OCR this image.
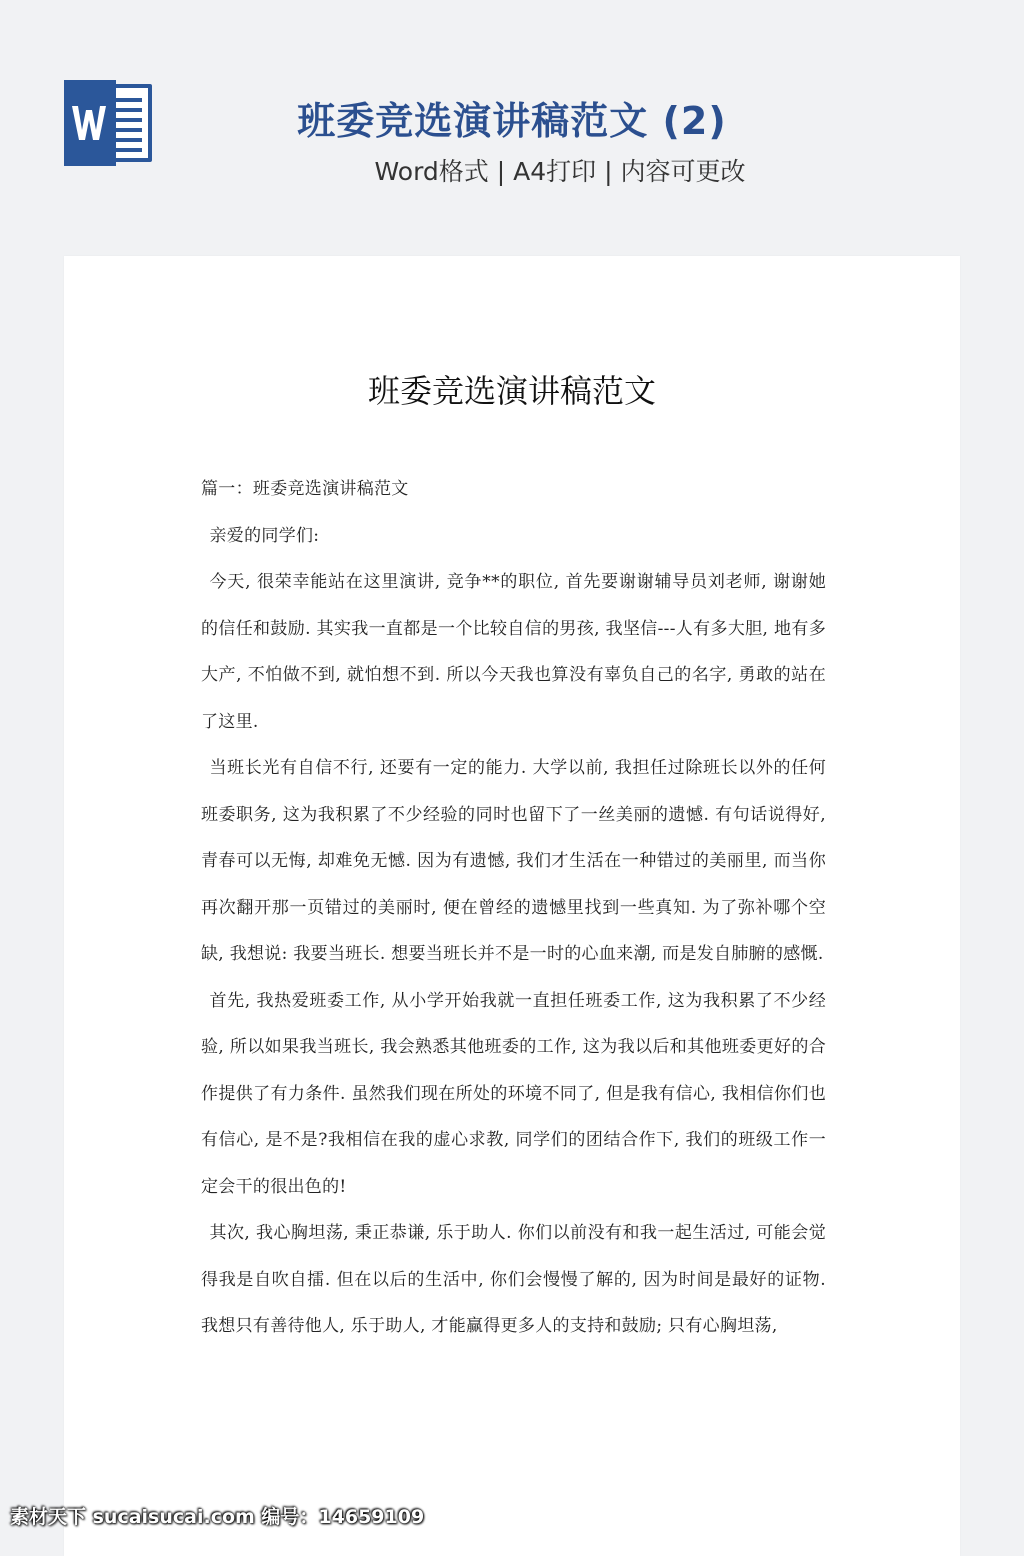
班委竞选演讲稿范文 (2)
Word格式 | A4打印 | 内容可更改
班委竞选演讲稿范文

篇一：班委竞选演讲稿范文

亲爱的同学们:

今天, 很荣幸能站在这里演讲, 竞争**的职位, 首先要谢谢辅导员刘老师, 谢谢她的信任和鼓励. 其实我一直都是一个比较自信的男孩, 我坚信---人有多大胆, 地有多大产, 不怕做不到, 就怕想不到. 所以今天我也算没有辜负自己的名字, 勇敢的站在了这里.

当班长光有自信不行, 还要有一定的能力. 大学以前, 我担任过除班长以外的任何班委职务, 这为我积累了不少经验的同时也留下了一丝美丽的遗憾. 有句话说得好, 青春可以无悔, 却难免无憾. 因为有遗憾, 我们才生活在一种错过的美丽里, 而当你再次翻开那一页错过的美丽时, 便在曾经的遗憾里找到一些真知. 为了弥补哪个空缺, 我想说: 我要当班长. 想要当班长并不是一时的心血来潮, 而是发自肺腑的感慨.

首先, 我热爱班委工作, 从小学开始我就一直担任班委工作, 这为我积累了不少经验, 所以如果我当班长, 我会熟悉其他班委的工作, 这为我以后和其他班委更好的合作提供了有力条件. 虽然我们现在所处的环境不同了, 但是我有信心, 我相信你们也有信心, 是不是?我相信在我的虚心求教, 同学们的团结合作下, 我们的班级工作一定会干的很出色的!

其次, 我心胸坦荡, 秉正恭谦, 乐于助人. 你们以前没有和我一起生活过, 可能会觉得我是自吹自擂. 但在以后的生活中, 你们会慢慢了解的, 因为时间是最好的证物. 我想只有善待他人, 乐于助人, 才能赢得更多人的支持和鼓励; 只有心胸坦荡,

素材天下 sucaisucai.com 编号：14659109
